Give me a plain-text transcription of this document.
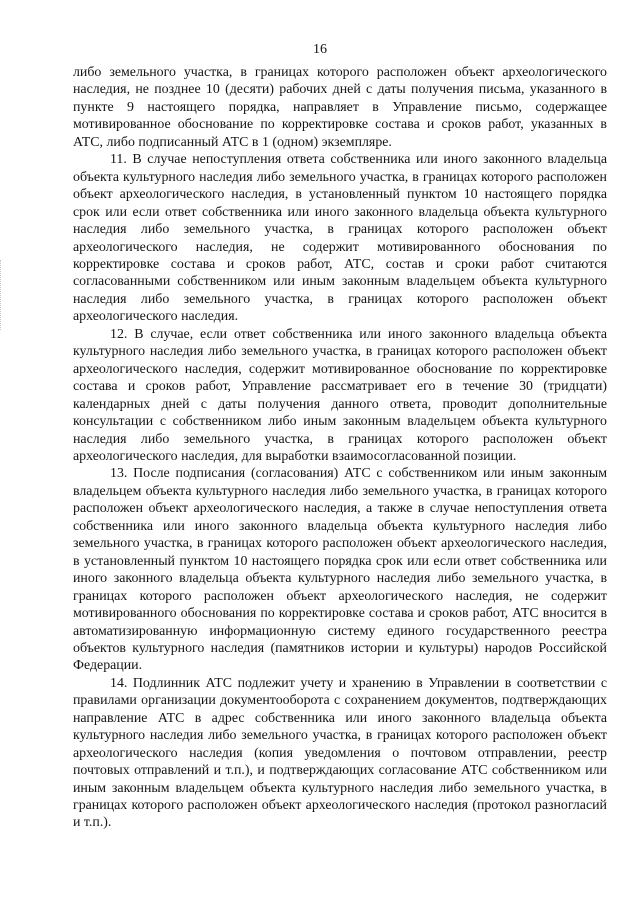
16

либо земельного участка, в границах которого расположен объект археологического наследия, не позднее 10 (десяти) рабочих дней с даты получения письма, указанного в пункте 9 настоящего порядка, направляет в Управление письмо, содержащее мотивированное обоснование по корректировке состава и сроков работ, указанных в АТС, либо подписанный АТС в 1 (одном) экземпляре.

11. В случае непоступления ответа собственника или иного законного владельца объекта культурного наследия либо земельного участка, в границах которого расположен объект археологического наследия, в установленный пунктом 10 настоящего порядка срок или если ответ собственника или иного законного владельца объекта культурного наследия либо земельного участка, в границах которого расположен объект археологического наследия, не содержит мотивированного обоснования по корректировке состава и сроков работ, АТС, состав и сроки работ считаются согласованными собственником или иным законным владельцем объекта культурного наследия либо земельного участка, в границах которого расположен объект археологического наследия.

12. В случае, если ответ собственника или иного законного владельца объекта культурного наследия либо земельного участка, в границах которого расположен объект археологического наследия, содержит мотивированное обоснование по корректировке состава и сроков работ, Управление рассматривает его в течение 30 (тридцати) календарных дней с даты получения данного ответа, проводит дополнительные консультации с собственником либо иным законным владельцем объекта культурного наследия либо земельного участка, в границах которого расположен объект археологического наследия, для выработки взаимосогласованной позиции.

13. После подписания (согласования) АТС с собственником или иным законным владельцем объекта культурного наследия либо земельного участка, в границах которого расположен объект археологического наследия, а также в случае непоступления ответа собственника или иного законного владельца объекта культурного наследия либо земельного участка, в границах которого расположен объект археологического наследия, в установленный пунктом 10 настоящего порядка срок или если ответ собственника или иного законного владельца объекта культурного наследия либо земельного участка, в границах которого расположен объект археологического наследия, не содержит мотивированного обоснования по корректировке состава и сроков работ, АТС вносится в автоматизированную информационную систему единого государственного реестра объектов культурного наследия (памятников истории и культуры) народов Российской Федерации.

14. Подлинник АТС подлежит учету и хранению в Управлении в соответствии с правилами организации документооборота с сохранением документов, подтверждающих направление АТС в адрес собственника или иного законного владельца объекта культурного наследия либо земельного участка, в границах которого расположен объект археологического наследия (копия уведомления о почтовом отправлении, реестр почтовых отправлений и т.п.), и подтверждающих согласование АТС собственником или иным законным владельцем объекта культурного наследия либо земельного участка, в границах которого расположен объект археологического наследия (протокол разногласий и т.п.).
